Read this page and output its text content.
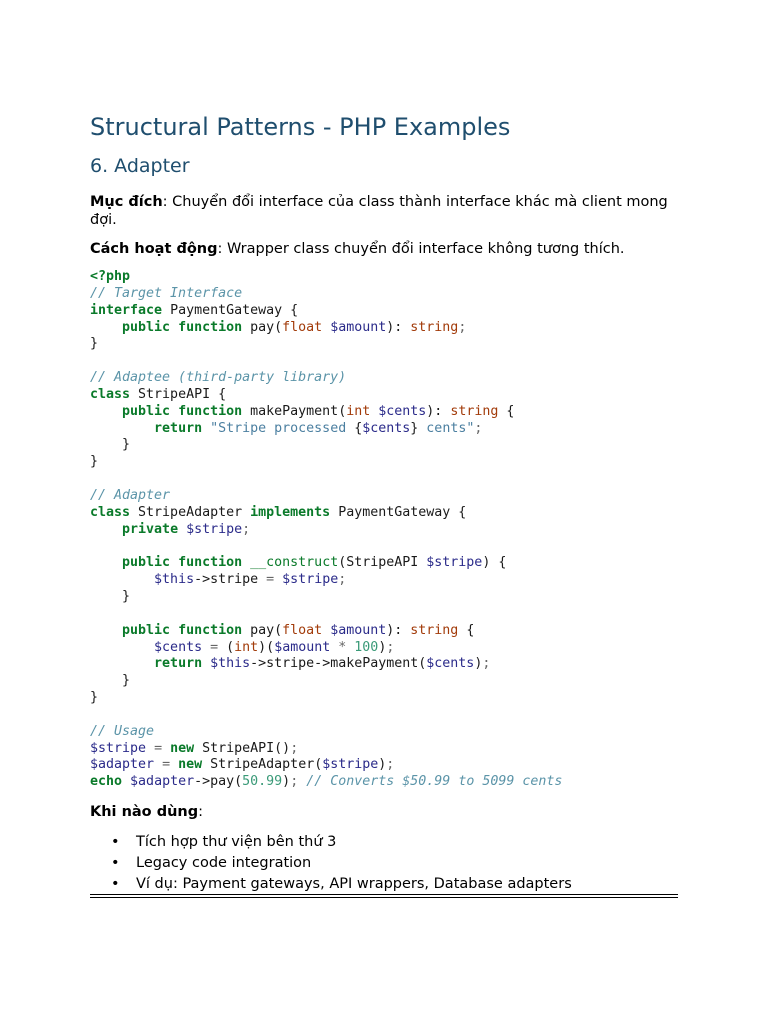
Structural Patterns - PHP Examples
6. Adapter

Mục đích: Chuyển đổi interface của class thành interface khác mà client mong đợi.

Cách hoạt động: Wrapper class chuyển đổi interface không tương thích.

<?php
// Target Interface
interface PaymentGateway {
public function pay(float $amount): string;
}

// Adaptee (third-party library)
class StripeAPI {
public function makePayment(int $cents): string {
return "Stripe processed {$cents} cents";
}
}

// Adapter
class StripeAdapter implements PaymentGateway {
private $stripe;

public function __construct(StripeAPI $stripe) {
$this->stripe = $stripe;
}

public function pay(float $amount): string {
$cents = (int)($amount * 100);
return $this->stripe->makePayment($cents);
}
}

// Usage
$stripe = new StripeAPI();
$adapter = new StripeAdapter($stripe);
echo $adapter->pay(50.99); // Converts $50.99 to 5099 cents

Khi nào dùng:

• Tích hợp thư viện bên thứ 3
• Legacy code integration
• Ví dụ: Payment gateways, API wrappers, Database adapters
